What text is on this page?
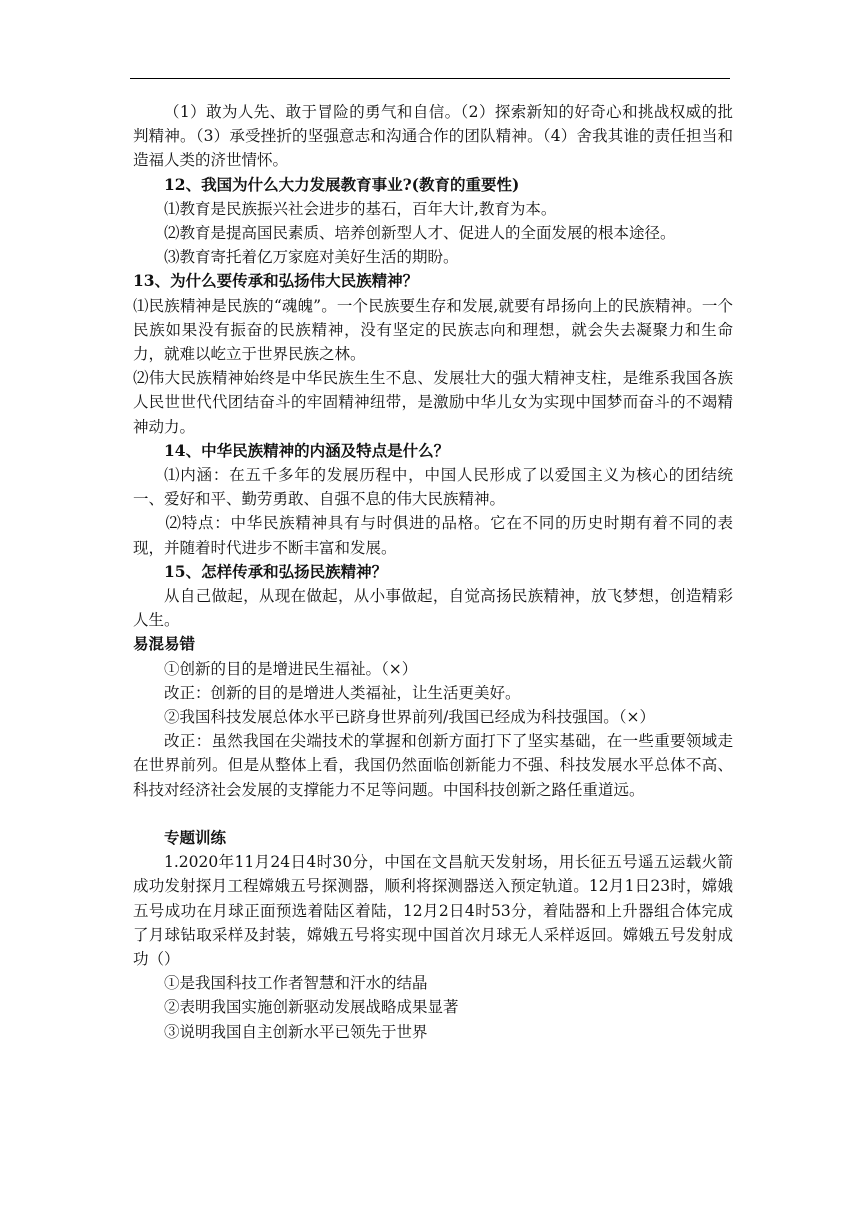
（1）敢为人先、敢于冒险的勇气和自信。（2）探索新知的好奇心和挑战权威的批判精神。（3）承受挫折的坚强意志和沟通合作的团队精神。（4）舍我其谁的责任担当和造福人类的济世情怀。

12、我国为什么大力发展教育事业?(教育的重要性)

⑴教育是民族振兴社会进步的基石，百年大计,教育为本。

⑵教育是提高国民素质、培养创新型人才、促进人的全面发展的根本途径。

⑶教育寄托着亿万家庭对美好生活的期盼。

13、为什么要传承和弘扬伟大民族精神？

⑴民族精神是民族的“魂魄”。一个民族要生存和发展,就要有昂扬向上的民族精神。一个民族如果没有振奋的民族精神，没有坚定的民族志向和理想，就会失去凝聚力和生命力，就难以屹立于世界民族之林。

⑵伟大民族精神始终是中华民族生生不息、发展壮大的强大精神支柱，是维系我国各族人民世世代代团结奋斗的牢固精神纽带，是激励中华儿女为实现中国梦而奋斗的不竭精神动力。

14、中华民族精神的内涵及特点是什么？

⑴内涵：在五千多年的发展历程中，中国人民形成了以爱国主义为核心的团结统一、爱好和平、勤劳勇敢、自强不息的伟大民族精神。

⑵特点：中华民族精神具有与时俱进的品格。它在不同的历史时期有着不同的表现，并随着时代进步不断丰富和发展。

15、怎样传承和弘扬民族精神？

从自己做起，从现在做起，从小事做起，自觉高扬民族精神，放飞梦想，创造精彩人生。

易混易错

①创新的目的是增进民生福祉。（×）

改正：创新的目的是增进人类福祉，让生活更美好。

②我国科技发展总体水平已跻身世界前列/我国已经成为科技强国。（×）

改正：虽然我国在尖端技术的掌握和创新方面打下了坚实基础，在一些重要领域走在世界前列。但是从整体上看，我国仍然面临创新能力不强、科技发展水平总体不高、科技对经济社会发展的支撑能力不足等问题。中国科技创新之路任重道远。

专题训练

1.2020年11月24日4时30分，中国在文昌航天发射场，用长征五号遥五运载火箭成功发射探月工程嫦娥五号探测器，顺利将探测器送入预定轨道。12月1日23时，嫦娥五号成功在月球正面预选着陆区着陆，12月2日4时53分，着陆器和上升器组合体完成了月球钻取采样及封装，嫦娥五号将实现中国首次月球无人采样返回。嫦娥五号发射成功（）

①是我国科技工作者智慧和汗水的结晶

②表明我国实施创新驱动发展战略成果显著

③说明我国自主创新水平已领先于世界
